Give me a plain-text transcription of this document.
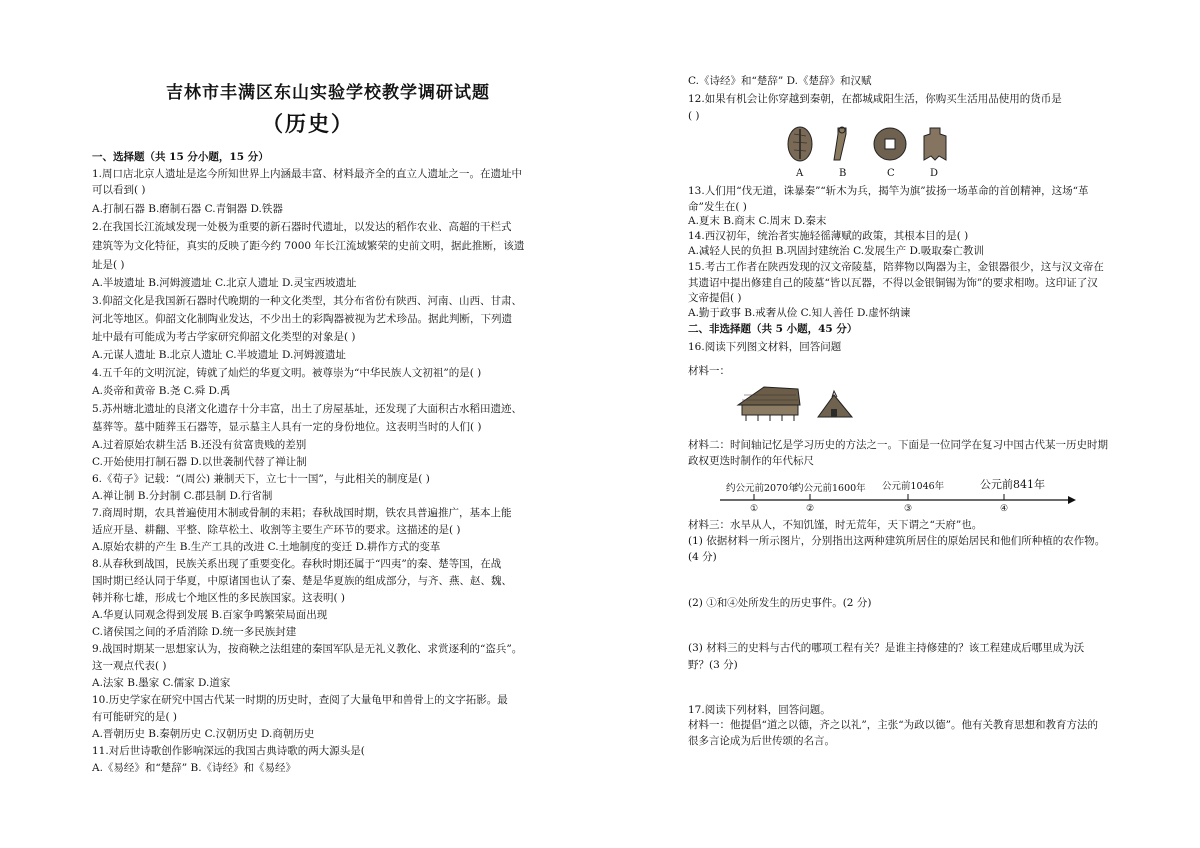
吉林市丰满区东山实验学校教学调研试题
（历史）
一、选择题（共 15 分小题，15 分）
1.周口店北京人遗址是迄今所知世界上内涵最丰富、材料最齐全的直立人遗址之一。在遗址中
可以看到( )
A.打制石器 B.磨制石器 C.青铜器 D.铁器
2.在我国长江流域发现一处极为重要的新石器时代遗址，以发达的稻作农业、高超的干栏式
建筑等为文化特征，真实的反映了距今约 7000 年长江流域繁荣的史前文明，据此推断，该遗
址是( )
A.半坡遗址 B.河姆渡遗址 C.北京人遗址 D.灵宝西坡遗址
3.仰韶文化是我国新石器时代晚期的一种文化类型，其分布省份有陕西、河南、山西、甘肃、
河北等地区。仰韶文化制陶业发达，不少出土的彩陶器被视为艺术珍品。据此判断，下列遗
址中最有可能成为考古学家研究仰韶文化类型的对象是( )
A.元谋人遗址 B.北京人遗址 C.半坡遗址 D.河姆渡遗址
4.五千年的文明沉淀，铸就了灿烂的华夏文明。被尊崇为“中华民族人文初祖”的是( )
A.炎帝和黄帝 B.尧 C.舜 D.禹
5.苏州塘北遗址的良渚文化遗存十分丰富，出土了房屋基址，还发现了大面积古水稻田遗迹、
墓葬等。墓中随葬玉石器等，显示墓主人具有一定的身份地位。这表明当时的人们( )
A.过着原始农耕生活 B.还没有贫富贵贱的差别
C.开始使用打制石器 D.以世袭制代替了禅让制
6.《荀子》记载：“(周公) 兼制天下，立七十一国”，与此相关的制度是( )
A.禅让制 B.分封制 C.郡县制 D.行省制
7.商周时期，农具普遍使用木制或骨制的耒耜；春秋战国时期，铁农具普遍推广，基本上能
适应开垦、耕翻、平整、除草松土、收割等主要生产环节的要求。这描述的是( )
A.原始农耕的产生 B.生产工具的改进 C.土地制度的变迁 D.耕作方式的变革
8.从春秋到战国，民族关系出现了重要变化。春秋时期还属于“四夷”的秦、楚等国，在战
国时期已经认同于华夏，中原诸国也认了秦、楚是华夏族的组成部分，与齐、燕、赵、魏、
韩并称七雄，形成七个地区性的多民族国家。这表明( )
A.华夏认同观念得到发展 B.百家争鸣繁荣局面出现
C.诸侯国之间的矛盾消除 D.统一多民族封建
9.战国时期某一思想家认为，按商鞅之法组建的秦国军队是无礼义教化、求赏逐利的“盗兵”。
这一观点代表( )
A.法家 B.墨家 C.儒家 D.道家
10.历史学家在研究中国古代某一时期的历史时，查阅了大量龟甲和兽骨上的文字拓影。最
有可能研究的是( )
A.晋朝历史 B.秦朝历史 C.汉朝历史 D.商朝历史
11.对后世诗歌创作影响深远的我国古典诗歌的两大源头是(
A.《易经》和“楚辞” B.《诗经》和《易经》
C.《诗经》和“楚辞” D.《楚辞》和汉赋
12.如果有机会让你穿越到秦朝，在都城咸阳生活，你购买生活用品使用的货币是
( )
A	B	C	D
13.人们用“伐无道，诛暴秦”“斩木为兵，揭竿为旗”拔扬一场革命的首创精神，这场“革
命”发生在( )
A.夏末 B.商末 C.周末 D.秦末
14.西汉初年，统治者实施轻徭薄赋的政策，其根本目的是( )
A.减轻人民的负担 B.巩固封建统治 C.发展生产 D.吸取秦亡教训
15.考古工作者在陕西发现的汉文帝陵墓，陪葬物以陶器为主，金银器很少，这与汉文帝在
其遗诏中提出修建自己的陵墓“皆以瓦器，不得以金银铜锡为饰”的要求相吻。这印证了汉
文帝提倡( )
A.勤于政事 B.戒奢从俭 C.知人善任 D.虚怀纳谏
二、非选择题（共 5 小题，45 分）
16.阅读下列图文材料，回答问题
材料一：
材料二：时间轴记忆是学习历史的方法之一。下面是一位同学在复习中国古代某一历史时期
政权更迭时制作的年代标尺
约公元前2070年
约公元前1600年 公元前1046年	公元前841年
①	②	③	④
材料三：水旱从人，不知饥馑，时无荒年，天下谓之“天府”也。
(1) 依据材料一所示图片，分别指出这两种建筑所居住的原始居民和他们所种植的农作物。
(4 分)
(2) ①和④处所发生的历史事件。(2 分)
(3) 材料三的史料与古代的哪项工程有关？是谁主持修建的？该工程建成后哪里成为沃
野？(3 分)
17.阅读下列材料，回答问题。
材料一：他提倡“道之以德，齐之以礼”，主张“为政以德”。他有关教育思想和教育方法的
很多言论成为后世传颂的名言。
